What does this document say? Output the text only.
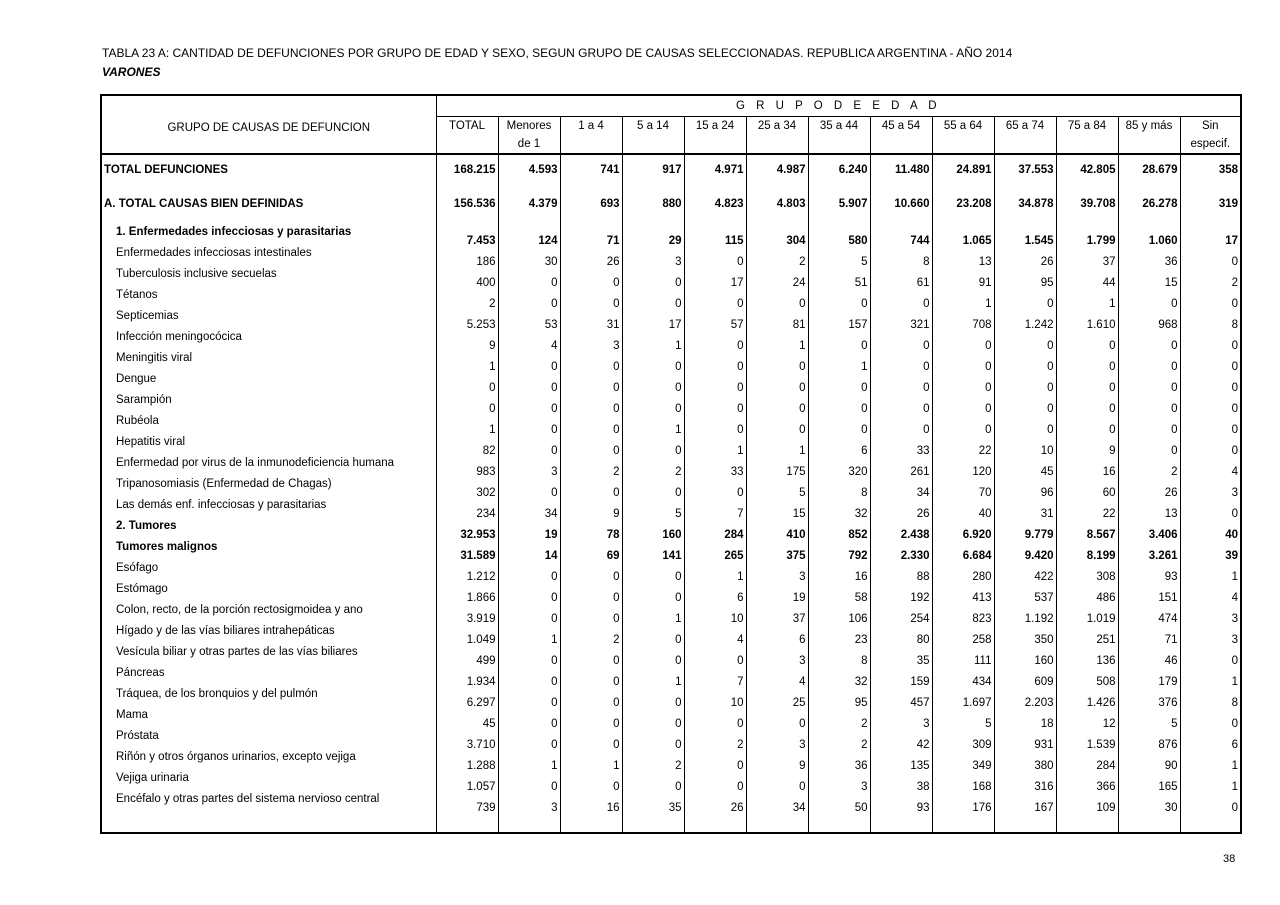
TABLA 23 A: CANTIDAD DE DEFUNCIONES POR GRUPO DE EDAD Y SEXO, SEGUN GRUPO DE CAUSAS SELECCIONADAS. REPUBLICA ARGENTINA - AÑO 2014
VARONES
GRUPO DE CAUSAS DE DEFUNCION	G R U P O D E E D A D												
	TOTAL	Menores	1 a 4	5 a 14	15 a 24	25 a 34	35 a 44	45 a 54	55 a 64	65 a 74	75 a 84	85 y más	Sin
		de 1											especif.
TOTAL DEFUNCIONES	168.215	4.593	741	917	4.971	4.987	6.240	11.480	24.891	37.553	42.805	28.679	358

A. TOTAL CAUSAS BIEN DEFINIDAS	156.536	4.379	693	880	4.823	4.803	5.907	10.660	23.208	34.878	39.708	26.278	319

1. Enfermedades infecciosas y parasitarias	7.453	124	71	29	115	304	580	744	1.065	1.545	1.799	1.060	17
Enfermedades infecciosas intestinales	186	30	26	3	0	2	5	8	13	26	37	36	0
Tuberculosis inclusive secuelas	400	0	0	0	17	24	51	61	91	95	44	15	2
Tétanos	2	0	0	0	0	0	0	0	1	0	1	0	0
Septicemias	5.253	53	31	17	57	81	157	321	708	1.242	1.610	968	8
Infección meningocócica	9	4	3	1	0	1	0	0	0	0	0	0	0
Meningitis viral	1	0	0	0	0	0	1	0	0	0	0	0	0
Dengue	0	0	0	0	0	0	0	0	0	0	0	0	0
Sarampión	0	0	0	0	0	0	0	0	0	0	0	0	0
Rubéola	1	0	0	1	0	0	0	0	0	0	0	0	0
Hepatitis viral	82	0	0	0	1	1	6	33	22	10	9	0	0
Enfermedad por virus de la inmunodeficiencia humana	983	3	2	2	33	175	320	261	120	45	16	2	4
Tripanosomiasis (Enfermedad de Chagas)	302	0	0	0	0	5	8	34	70	96	60	26	3
Las demás enf. infecciosas y parasitarias	234	34	9	5	7	15	32	26	40	31	22	13	0
2. Tumores	32.953	19	78	160	284	410	852	2.438	6.920	9.779	8.567	3.406	40
Tumores malignos	31.589	14	69	141	265	375	792	2.330	6.684	9.420	8.199	3.261	39
Esófago	1.212	0	0	0	1	3	16	88	280	422	308	93	1
Estómago	1.866	0	0	0	6	19	58	192	413	537	486	151	4
Colon, recto, de la porción rectosigmoidea y ano	3.919	0	0	1	10	37	106	254	823	1.192	1.019	474	3
Hígado y de las vías biliares intrahepáticas	1.049	1	2	0	4	6	23	80	258	350	251	71	3
Vesícula biliar y otras partes de las vías biliares	499	0	0	0	0	3	8	35	111	160	136	46	0
Páncreas	1.934	0	0	1	7	4	32	159	434	609	508	179	1
Tráquea, de los bronquios y del pulmón	6.297	0	0	0	10	25	95	457	1.697	2.203	1.426	376	8
Mama	45	0	0	0	0	0	2	3	5	18	12	5	0
Próstata	3.710	0	0	0	2	3	2	42	309	931	1.539	876	6
Riñón y otros órganos urinarios, excepto vejiga	1.288	1	1	2	0	9	36	135	349	380	284	90	1
Vejiga urinaria	1.057	0	0	0	0	0	3	38	168	316	366	165	1
Encéfalo y otras partes del sistema nervioso central	739	3	16	35	26	34	50	93	176	167	109	30	0

38
